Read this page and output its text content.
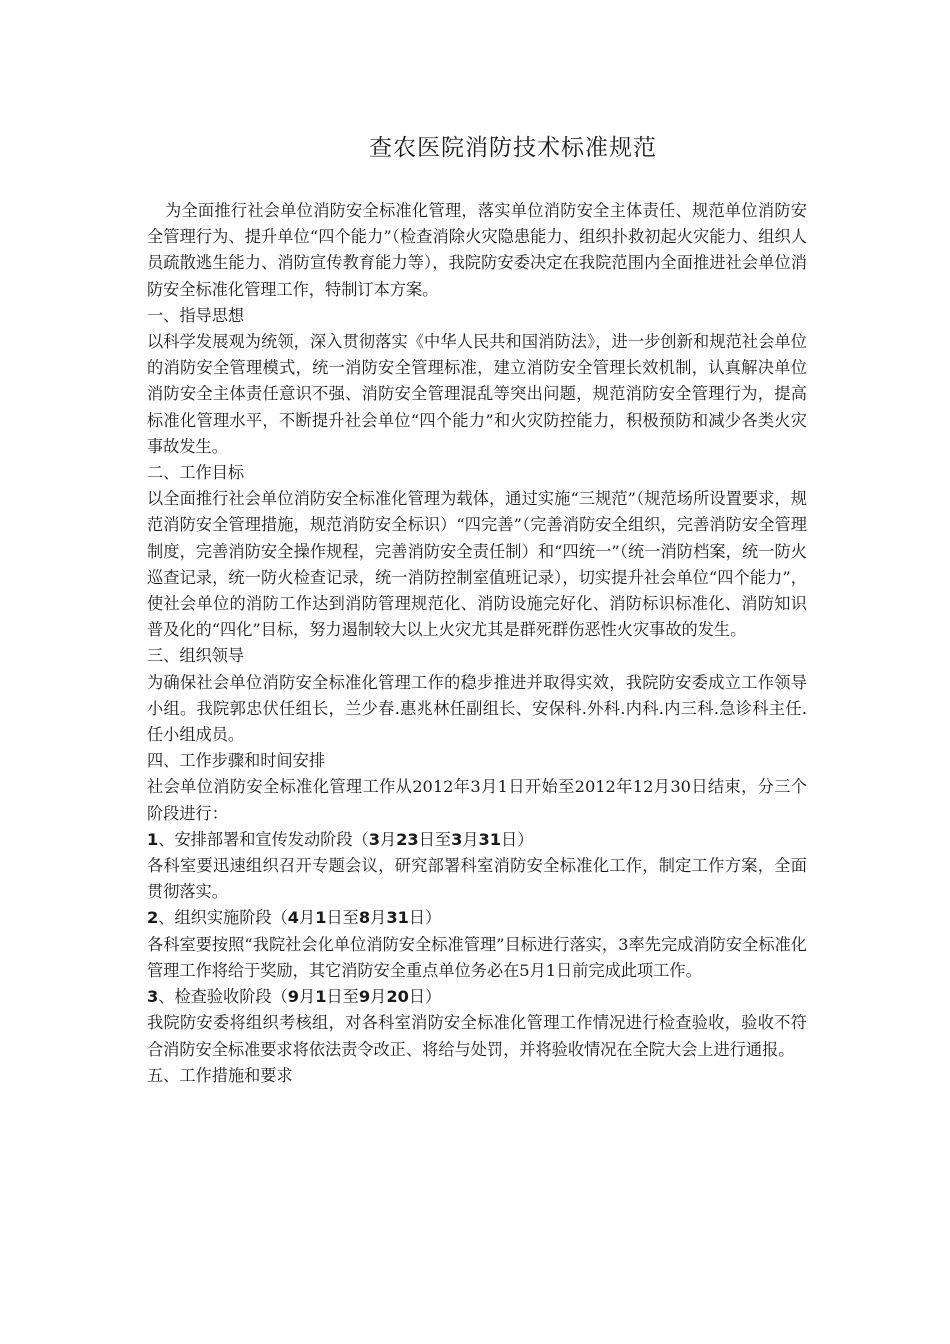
查农医院消防技术标准规范

为全面推行社会单位消防安全标准化管理，落实单位消防安全主体责任、规范单位消防安全管理行为、提升单位“四个能力”（检查消除火灾隐患能力、组织扑救初起火灾能力、组织人员疏散逃生能力、消防宣传教育能力等），我院防安委决定在我院范围内全面推进社会单位消防安全标准化管理工作，特制订本方案。

一、指导思想

以科学发展观为统领，深入贯彻落实《中华人民共和国消防法》，进一步创新和规范社会单位的消防安全管理模式，统一消防安全管理标准，建立消防安全管理长效机制，认真解决单位消防安全主体责任意识不强、消防安全管理混乱等突出问题，规范消防安全管理行为，提高标准化管理水平，不断提升社会单位“四个能力”和火灾防控能力，积极预防和减少各类火灾事故发生。

二、工作目标

以全面推行社会单位消防安全标准化管理为载体，通过实施“三规范”（规范场所设置要求，规范消防安全管理措施，规范消防安全标识）“四完善”（完善消防安全组织，完善消防安全管理制度，完善消防安全操作规程，完善消防安全责任制）和“四统一”（统一消防档案，统一防火巡查记录，统一防火检查记录，统一消防控制室值班记录），切实提升社会单位“四个能力”，使社会单位的消防工作达到消防管理规范化、消防设施完好化、消防标识标准化、消防知识普及化的“四化”目标，努力遏制较大以上火灾尤其是群死群伤恶性火灾事故的发生。

三、组织领导

为确保社会单位消防安全标准化管理工作的稳步推进并取得实效，我院防安委成立工作领导小组。我院郭忠伏任组长，兰少春.惠兆林任副组长、安保科.外科.内科.内三科.急诊科主任.任小组成员。

四、工作步骤和时间安排

社会单位消防安全标准化管理工作从2012年3月1日开始至2012年12月30日结束，分三个阶段进行：

1、安排部署和宣传发动阶段（3月23日至3月31日）

各科室要迅速组织召开专题会议，研究部署科室消防安全标准化工作，制定工作方案，全面贯彻落实。

2、组织实施阶段（4月1日至8月31日）

各科室要按照“我院社会化单位消防安全标准管理”目标进行落实，3率先完成消防安全标准化管理工作将给于奖励，其它消防安全重点单位务必在5月1日前完成此项工作。

3、检查验收阶段（9月1日至9月20日）

我院防安委将组织考核组，对各科室消防安全标准化管理工作情况进行检查验收，验收不符合消防安全标准要求将依法责令改正、将给与处罚，并将验收情况在全院大会上进行通报。

五、工作措施和要求
